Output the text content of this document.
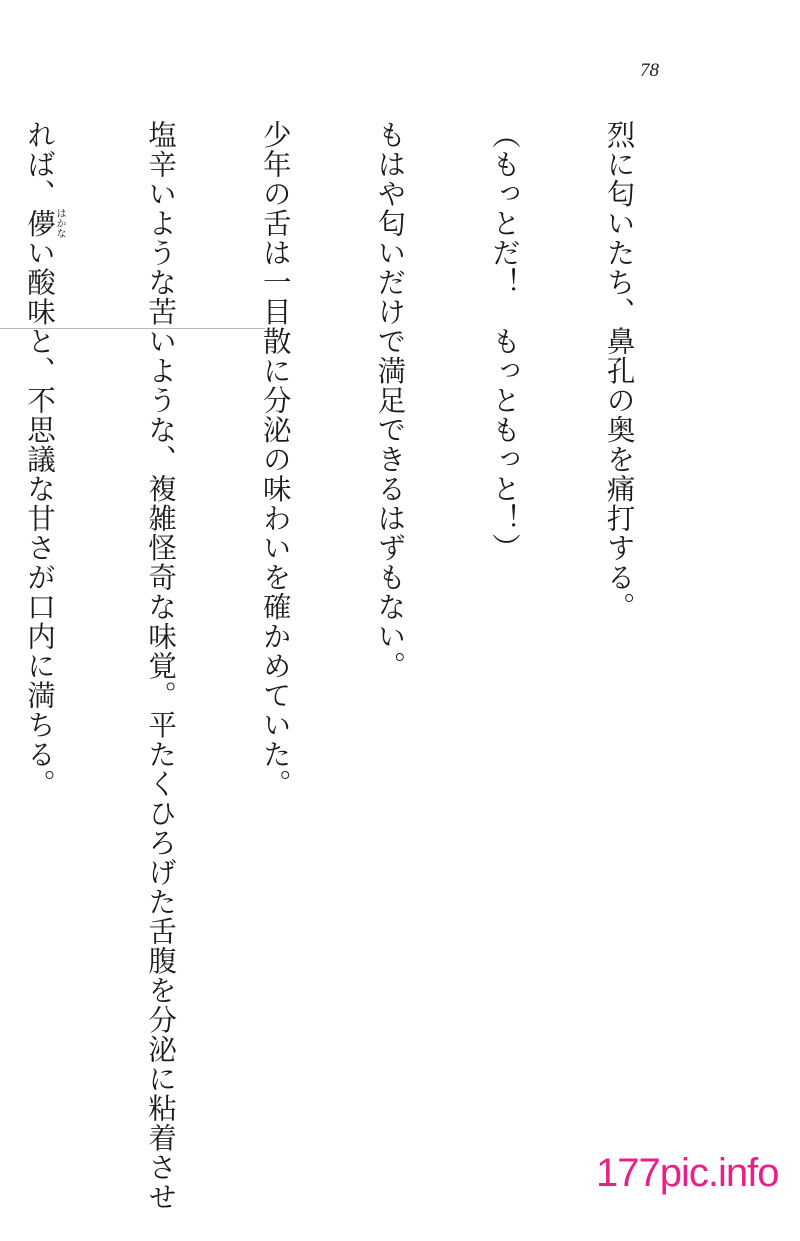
78

烈に匂いたち、鼻孔の奥を痛打する。

（もっとだ！　もっともっと！）

もはや匂いだけで満足できるはずもない。

少年の舌は一目散に分泌の味わいを確かめていた。

塩辛いような苦いような、複雑怪奇な味覚。平たくひろげた舌腹を分泌に粘着させ

れば、儚はかない酸味と、不思議な甘さが口内に満ちる。

177pic.info
